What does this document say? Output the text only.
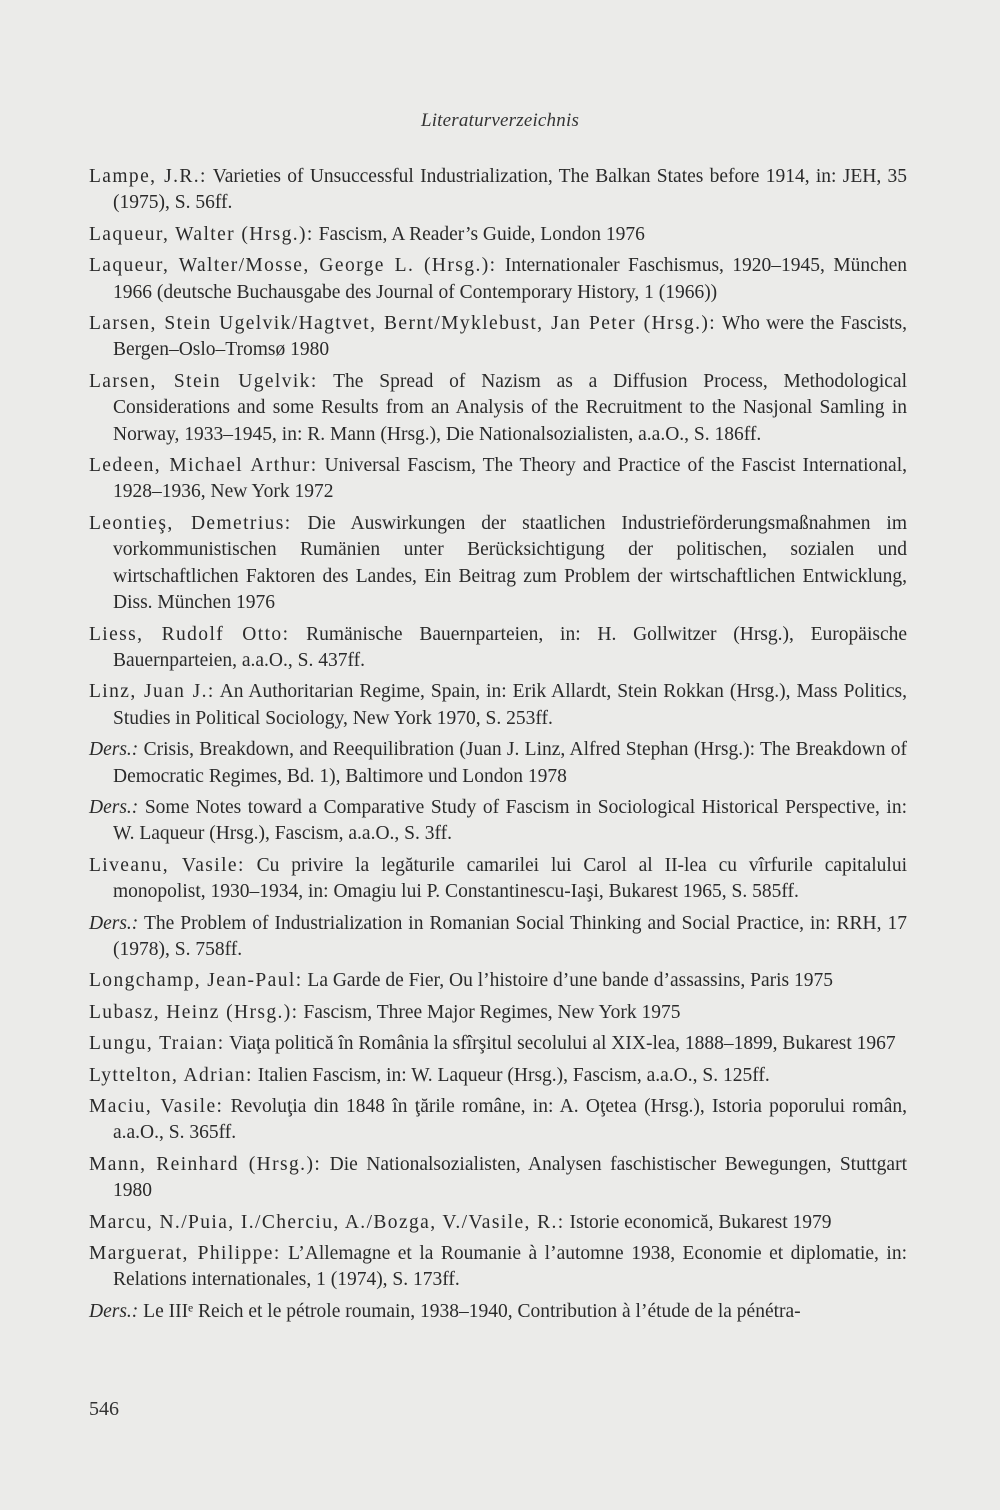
Literaturverzeichnis
Lampe, J.R.: Varieties of Unsuccessful Industrialization, The Balkan States before 1914, in: JEH, 35 (1975), S. 56ff.
Laqueur, Walter (Hrsg.): Fascism, A Reader’s Guide, London 1976
Laqueur, Walter/Mosse, George L. (Hrsg.): Internationaler Faschismus, 1920–1945, München 1966 (deutsche Buchausgabe des Journal of Contemporary History, 1 (1966))
Larsen, Stein Ugelvik/Hagtvet, Bernt/Myklebust, Jan Peter (Hrsg.): Who were the Fascists, Bergen–Oslo–Tromsø 1980
Larsen, Stein Ugelvik: The Spread of Nazism as a Diffusion Process, Methodological Considerations and some Results from an Analysis of the Recruitment to the Nasjonal Samling in Norway, 1933–1945, in: R. Mann (Hrsg.), Die Nationalsozialisten, a.a.O., S. 186ff.
Ledeen, Michael Arthur: Universal Fascism, The Theory and Practice of the Fascist International, 1928–1936, New York 1972
Leontieş, Demetrius: Die Auswirkungen der staatlichen Industrieförderungsmaßnahmen im vorkommunistischen Rumänien unter Berücksichtigung der politischen, sozialen und wirtschaftlichen Faktoren des Landes, Ein Beitrag zum Problem der wirtschaftlichen Entwicklung, Diss. München 1976
Liess, Rudolf Otto: Rumänische Bauernparteien, in: H. Gollwitzer (Hrsg.), Europäische Bauernparteien, a.a.O., S. 437ff.
Linz, Juan J.: An Authoritarian Regime, Spain, in: Erik Allardt, Stein Rokkan (Hrsg.), Mass Politics, Studies in Political Sociology, New York 1970, S. 253ff.
Ders.: Crisis, Breakdown, and Reequilibration (Juan J. Linz, Alfred Stephan (Hrsg.): The Breakdown of Democratic Regimes, Bd. 1), Baltimore und London 1978
Ders.: Some Notes toward a Comparative Study of Fascism in Sociological Historical Perspective, in: W. Laqueur (Hrsg.), Fascism, a.a.O., S. 3ff.
Liveanu, Vasile: Cu privire la legăturile camarilei lui Carol al II-lea cu vîrfurile capitalului monopolist, 1930–1934, in: Omagiu lui P. Constantinescu-Iaşi, Bukarest 1965, S. 585ff.
Ders.: The Problem of Industrialization in Romanian Social Thinking and Social Practice, in: RRH, 17 (1978), S. 758ff.
Longchamp, Jean-Paul: La Garde de Fier, Ou l’histoire d’une bande d’assassins, Paris 1975
Lubasz, Heinz (Hrsg.): Fascism, Three Major Regimes, New York 1975
Lungu, Traian: Viaţa politică în România la sfîrşitul secolului al XIX-lea, 1888–1899, Bukarest 1967
Lyttelton, Adrian: Italien Fascism, in: W. Laqueur (Hrsg.), Fascism, a.a.O., S. 125ff.
Maciu, Vasile: Revoluţia din 1848 în ţările române, in: A. Oţetea (Hrsg.), Istoria poporului român, a.a.O., S. 365ff.
Mann, Reinhard (Hrsg.): Die Nationalsozialisten, Analysen faschistischer Bewegungen, Stuttgart 1980
Marcu, N./Puia, I./Cherciu, A./Bozga, V./Vasile, R.: Istorie economică, Bukarest 1979
Marguerat, Philippe: L’Allemagne et la Roumanie à l’automne 1938, Economie et diplomatie, in: Relations internationales, 1 (1974), S. 173ff.
Ders.: Le IIIᵉ Reich et le pétrole roumain, 1938–1940, Contribution à l’étude de la pénétra-
546
